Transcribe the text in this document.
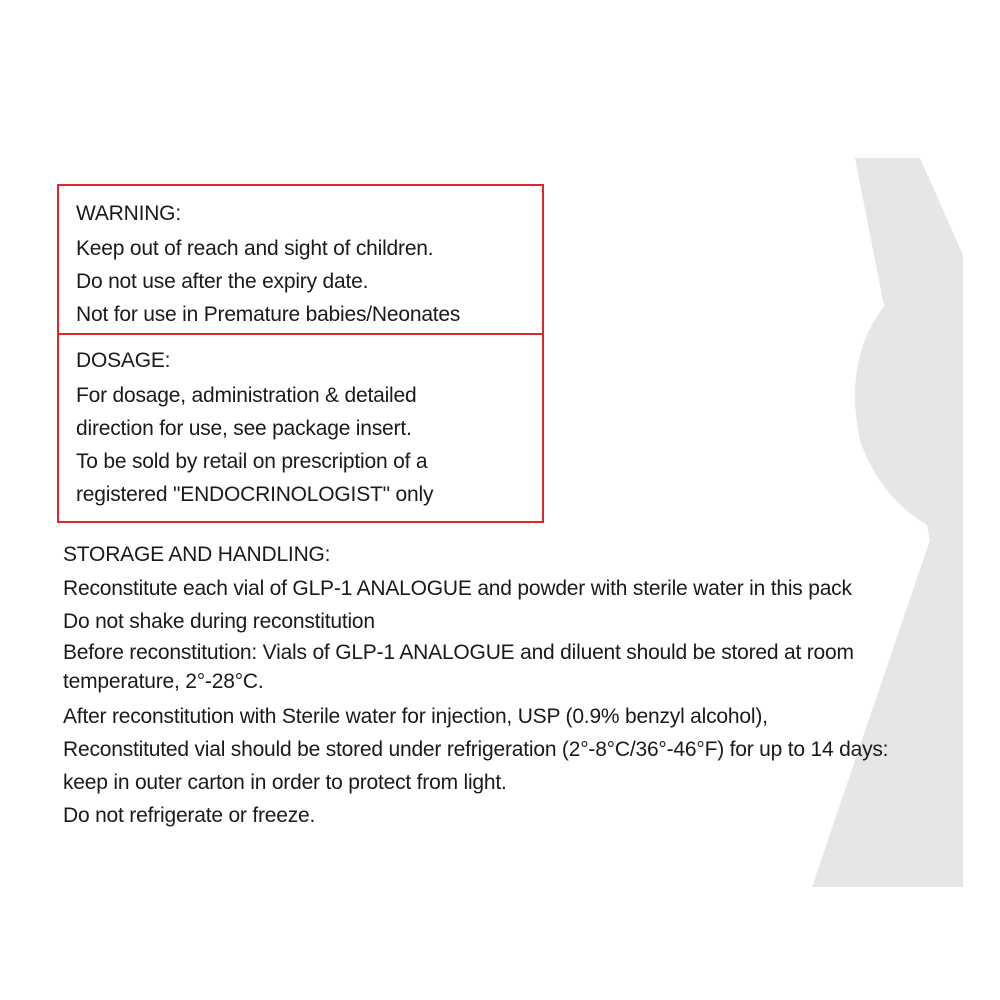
WARNING:
Keep out of reach and sight of children.
Do not use after the expiry date.
Not for use in Premature babies/Neonates
DOSAGE:
For dosage, administration & detailed
direction for use, see package insert.
To be sold by retail on prescription of a
registered "ENDOCRINOLOGIST" only
STORAGE AND HANDLING:
Reconstitute each vial of GLP-1 ANALOGUE and powder with sterile water in this pack
Do not shake during reconstitution
Before reconstitution: Vials of GLP-1 ANALOGUE and diluent should be stored at room temperature, 2°-28°C.
After reconstitution with Sterile water for injection, USP (0.9% benzyl alcohol),
Reconstituted vial should be stored under refrigeration (2°-8°C/36°-46°F) for up to 14 days:
keep in outer carton in order to protect from light.
Do not refrigerate or freeze.
